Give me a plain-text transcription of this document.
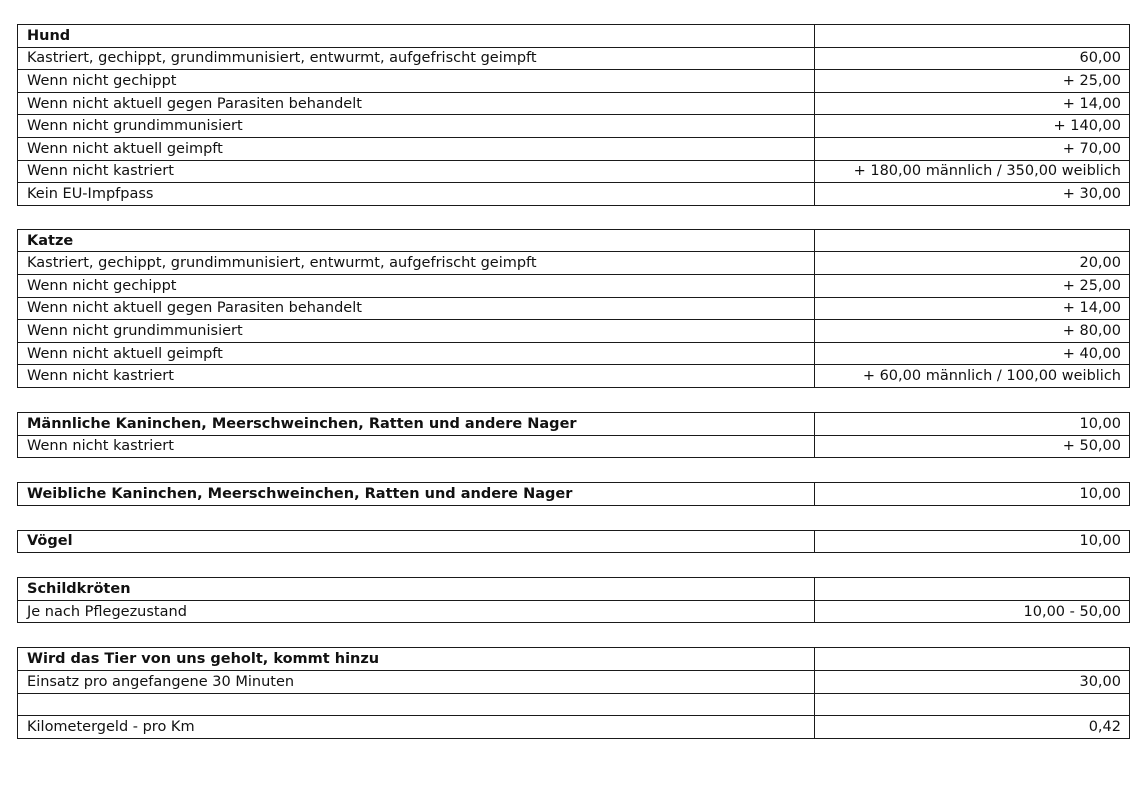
Hund	
Kastriert, gechippt, grundimmunisiert, entwurmt, aufgefrischt geimpft	60,00
Wenn nicht gechippt	+ 25,00
Wenn nicht aktuell gegen Parasiten behandelt	+ 14,00
Wenn nicht grundimmunisiert	+ 140,00
Wenn nicht aktuell geimpft	+ 70,00
Wenn nicht kastriert	+ 180,00 männlich / 350,00 weiblich
Kein EU-Impfpass	+ 30,00
Katze	
Kastriert, gechippt, grundimmunisiert, entwurmt, aufgefrischt geimpft	20,00
Wenn nicht gechippt	+ 25,00
Wenn nicht aktuell gegen Parasiten behandelt	+ 14,00
Wenn nicht grundimmunisiert	+ 80,00
Wenn nicht aktuell geimpft	+ 40,00
Wenn nicht kastriert	+ 60,00 männlich / 100,00 weiblich
Männliche Kaninchen, Meerschweinchen, Ratten und andere Nager	10,00
Wenn nicht kastriert	+ 50,00
Weibliche Kaninchen, Meerschweinchen, Ratten und andere Nager	10,00
Vögel	10,00
Schildkröten	
Je nach Pflegezustand	10,00 - 50,00
Wird das Tier von uns geholt, kommt hinzu	
Einsatz pro angefangene 30 Minuten	30,00

Kilometergeld - pro Km	0,42
